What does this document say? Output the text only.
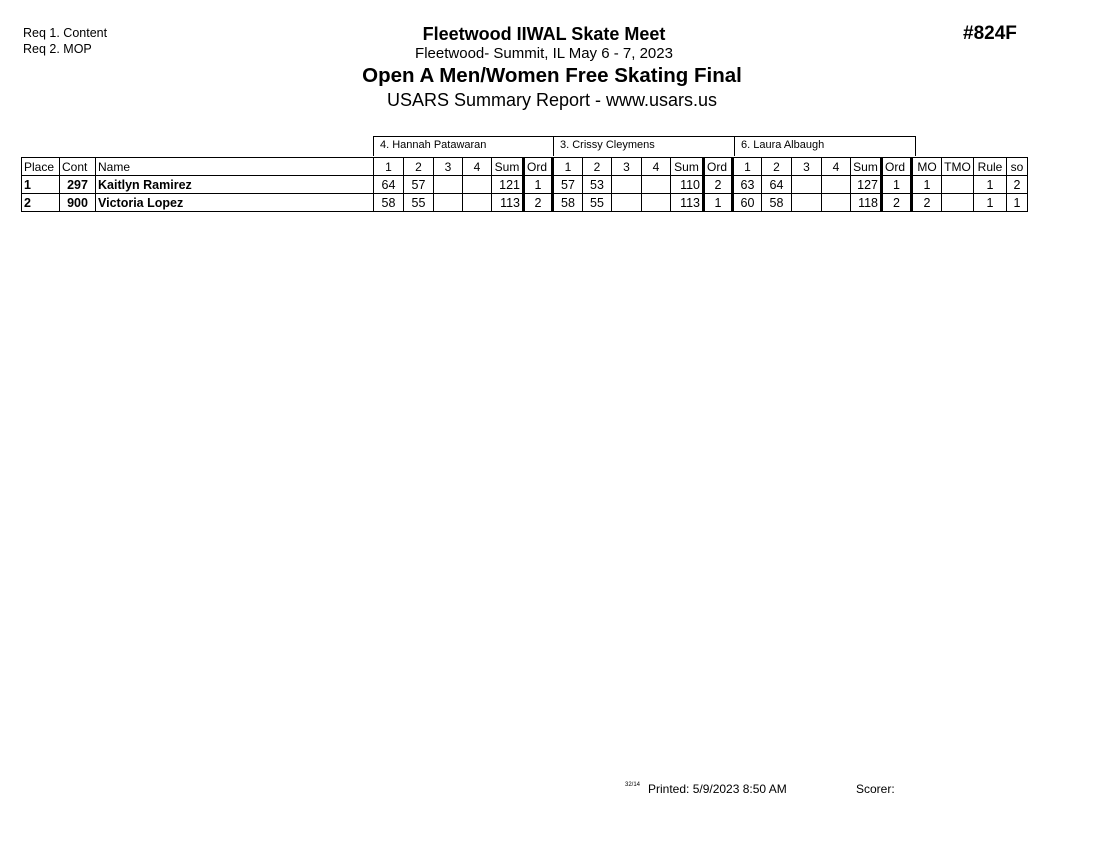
Req 1. Content
Req 2. MOP
Fleetwood IIWAL Skate Meet
Fleetwood- Summit, IL May 6 - 7, 2023
Open A Men/Women Free Skating Final
USARS Summary Report - www.usars.us
#824F
4. Hannah Patawaran	3. Crissy Cleymens	6. Laura Albaugh
Place	Cont	Name	1	2	3	4	Sum	Ord	1	2	3	4	Sum	Ord	1	2	3	4	Sum	Ord	MO	TMO	Rule	so
1	297	Kaitlyn Ramirez	64	57			121	1	57	53			110	2	63	64			127	1	1		1	2
2	900	Victoria Lopez	58	55			113	2	58	55			113	1	60	58			118	2	2		1	1
32/14 Printed: 5/9/2023 8:50 AM	Scorer:
